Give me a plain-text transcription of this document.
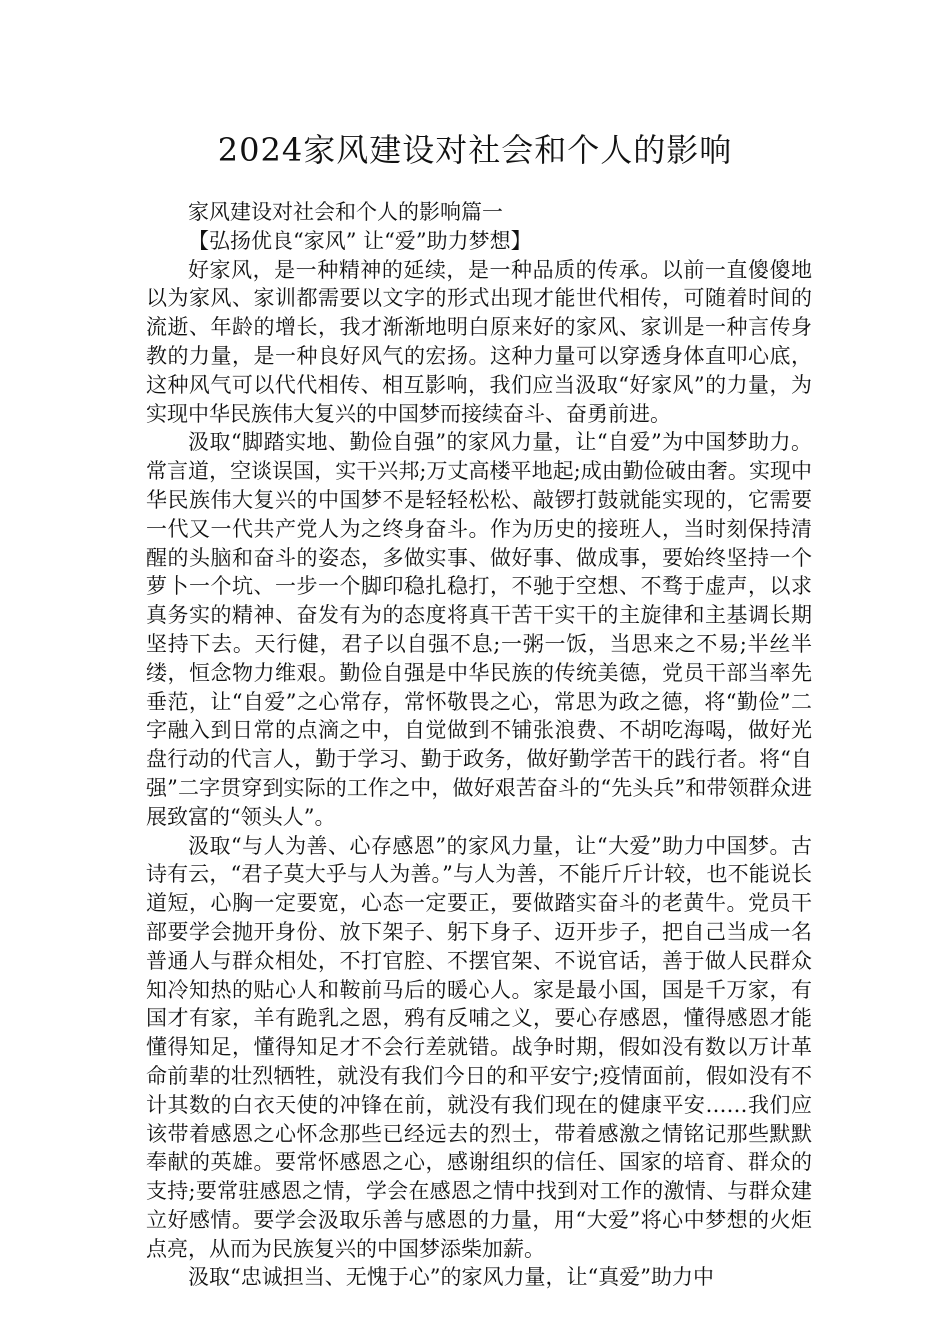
2024家风建设对社会和个人的影响

家风建设对社会和个人的影响篇一

【弘扬优良“家风” 让“爱”助力梦想】

好家风，是一种精神的延续，是一种品质的传承。以前一直傻傻地以为家风、家训都需要以文字的形式出现才能世代相传，可随着时间的流逝、年龄的增长，我才渐渐地明白原来好的家风、家训是一种言传身教的力量，是一种良好风气的宏扬。这种力量可以穿透身体直叩心底，这种风气可以代代相传、相互影响，我们应当汲取“好家风”的力量，为实现中华民族伟大复兴的中国梦而接续奋斗、奋勇前进。

汲取“脚踏实地、勤俭自强”的家风力量，让“自爱”为中国梦助力。常言道，空谈误国，实干兴邦;万丈高楼平地起;成由勤俭破由奢。实现中华民族伟大复兴的中国梦不是轻轻松松、敲锣打鼓就能实现的，它需要一代又一代共产党人为之终身奋斗。作为历史的接班人，当时刻保持清醒的头脑和奋斗的姿态，多做实事、做好事、做成事，要始终坚持一个萝卜一个坑、一步一个脚印稳扎稳打，不驰于空想、不骛于虚声，以求真务实的精神、奋发有为的态度将真干苦干实干的主旋律和主基调长期坚持下去。天行健，君子以自强不息;一粥一饭，当思来之不易;半丝半缕，恒念物力维艰。勤俭自强是中华民族的传统美德，党员干部当率先垂范，让“自爱”之心常存，常怀敬畏之心，常思为政之德，将“勤俭”二字融入到日常的点滴之中，自觉做到不铺张浪费、不胡吃海喝，做好光盘行动的代言人，勤于学习、勤于政务，做好勤学苦干的践行者。将“自强”二字贯穿到实际的工作之中，做好艰苦奋斗的“先头兵”和带领群众进展致富的“领头人”。

汲取“与人为善、心存感恩”的家风力量，让“大爱”助力中国梦。古诗有云，“君子莫大乎与人为善。”与人为善，不能斤斤计较，也不能说长道短，心胸一定要宽，心态一定要正，要做踏实奋斗的老黄牛。党员干部要学会抛开身份、放下架子、躬下身子、迈开步子，把自己当成一名普通人与群众相处，不打官腔、不摆官架、不说官话，善于做人民群众知冷知热的贴心人和鞍前马后的暖心人。家是最小国，国是千万家，有国才有家，羊有跪乳之恩，鸦有反哺之义，要心存感恩，懂得感恩才能懂得知足，懂得知足才不会行差就错。战争时期，假如没有数以万计革命前辈的壮烈牺牲，就没有我们今日的和平安宁;疫情面前，假如没有不计其数的白衣天使的冲锋在前，就没有我们现在的健康平安……我们应该带着感恩之心怀念那些已经远去的烈士，带着感激之情铭记那些默默奉献的英雄。要常怀感恩之心，感谢组织的信任、国家的培育、群众的支持;要常驻感恩之情，学会在感恩之情中找到对工作的激情、与群众建立好感情。要学会汲取乐善与感恩的力量，用“大爱”将心中梦想的火炬点亮，从而为民族复兴的中国梦添柴加薪。

汲取“忠诚担当、无愧于心”的家风力量，让“真爱”助力中
